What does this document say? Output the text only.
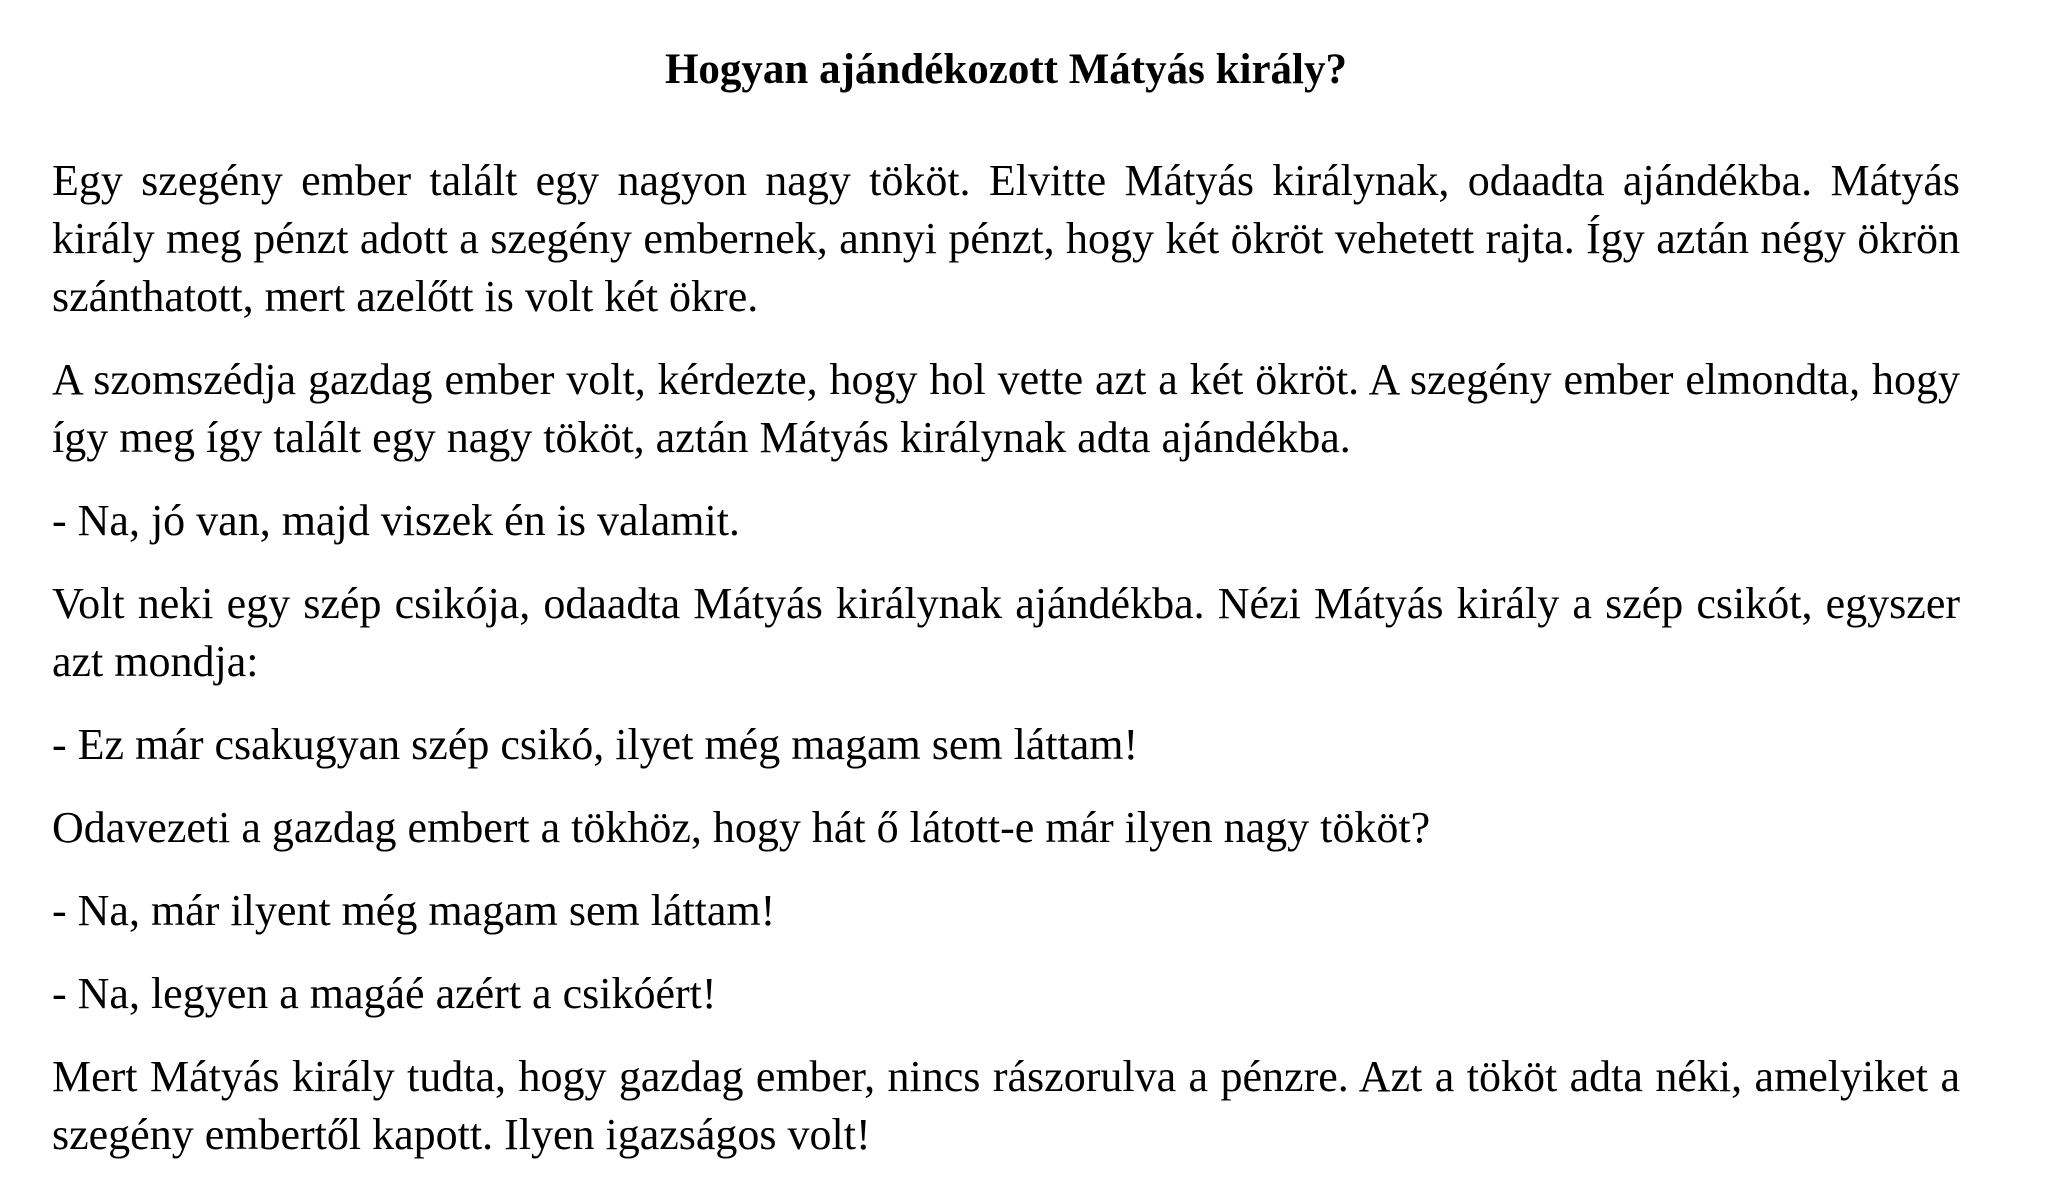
Hogyan ajándékozott Mátyás király?

Egy szegény ember talált egy nagyon nagy tököt. Elvitte Mátyás királynak, odaadta ajándékba. Mátyás király meg pénzt adott a szegény embernek, annyi pénzt, hogy két ökröt vehetett rajta. Így aztán négy ökrön szánthatott, mert azelőtt is volt két ökre.

A szomszédja gazdag ember volt, kérdezte, hogy hol vette azt a két ökröt. A szegény ember elmondta, hogy így meg így talált egy nagy tököt, aztán Mátyás királynak adta ajándékba.

- Na, jó van, majd viszek én is valamit.

Volt neki egy szép csikója, odaadta Mátyás királynak ajándékba. Nézi Mátyás király a szép csikót, egyszer azt mondja:

- Ez már csakugyan szép csikó, ilyet még magam sem láttam!

Odavezeti a gazdag embert a tökhöz, hogy hát ő látott-e már ilyen nagy tököt?

- Na, már ilyent még magam sem láttam!

- Na, legyen a magáé azért a csikóért!

Mert Mátyás király tudta, hogy gazdag ember, nincs rászorulva a pénzre. Azt a tököt adta néki, amelyiket a szegény embertől kapott. Ilyen igazságos volt!
